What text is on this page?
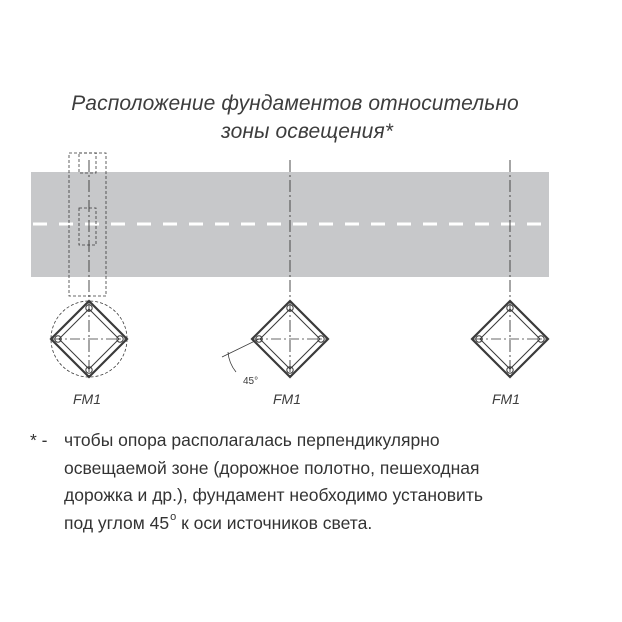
Расположение фундаментов относительно
зоны освещения*
45°
FM1	FM1	FM1
* - чтобы опора располагалась перпендикулярно
освещаемой зоне (дорожное полотно, пешеходная
дорожка и др.), фундамент необходимо установить
под углом 45$^o$ к оси источников света.
